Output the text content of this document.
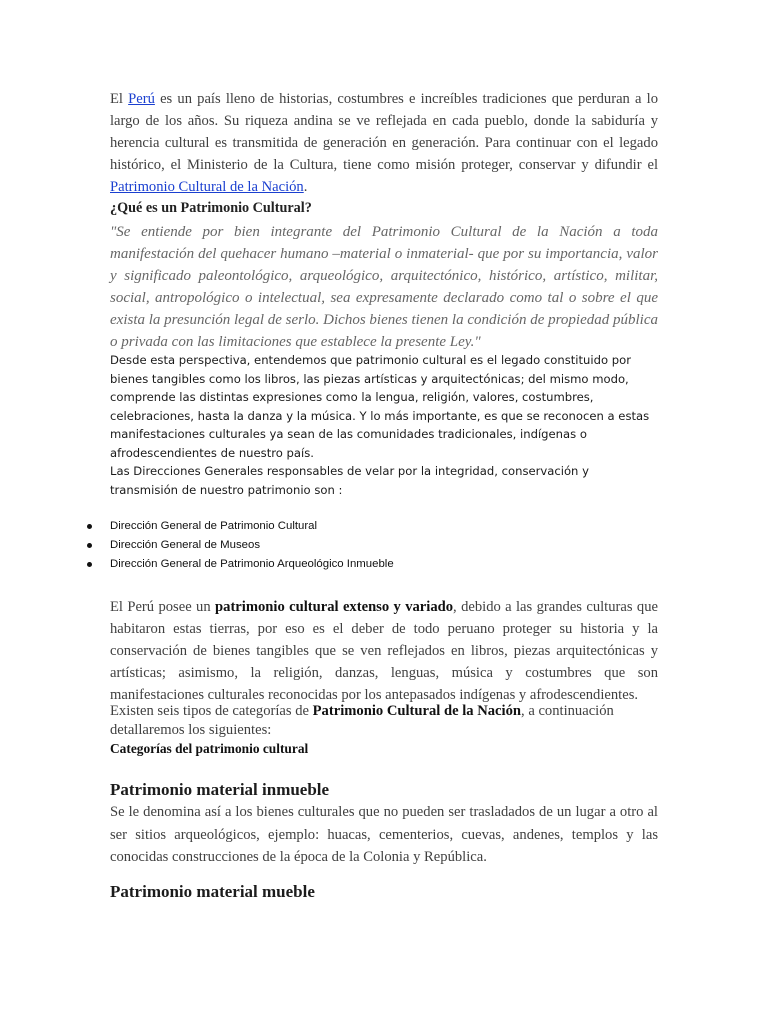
El Perú es un país lleno de historias, costumbres e increíbles tradiciones que perduran a lo largo de los años. Su riqueza andina se ve reflejada en cada pueblo, donde la sabiduría y herencia cultural es transmitida de generación en generación. Para continuar con el legado histórico, el Ministerio de la Cultura, tiene como misión proteger, conservar y difundir el Patrimonio Cultural de la Nación.

¿Qué es un Patrimonio Cultural?

"Se entiende por bien integrante del Patrimonio Cultural de la Nación a toda manifestación del quehacer humano –material o inmaterial- que por su importancia, valor y significado paleontológico, arqueológico, arquitectónico, histórico, artístico, militar, social, antropológico o intelectual, sea expresamente declarado como tal o sobre el que exista la presunción legal de serlo. Dichos bienes tienen la condición de propiedad pública o privada con las limitaciones que establece la presente Ley."

Desde esta perspectiva, entendemos que patrimonio cultural es el legado constituido por bienes tangibles como los libros, las piezas artísticas y arquitectónicas; del mismo modo, comprende las distintas expresiones como la lengua, religión, valores, costumbres, celebraciones, hasta la danza y la música. Y lo más importante, es que se reconocen a estas manifestaciones culturales ya sean de las comunidades tradicionales, indígenas o afrodescendientes de nuestro país.

Las Direcciones Generales responsables de velar por la integridad, conservación y transmisión de nuestro patrimonio son :

Dirección General de Patrimonio Cultural
Dirección General de Museos
Dirección General de Patrimonio Arqueológico Inmueble

El Perú posee un patrimonio cultural extenso y variado, debido a las grandes culturas que habitaron estas tierras, por eso es el deber de todo peruano proteger su historia y la conservación de bienes tangibles que se ven reflejados en libros, piezas arquitectónicas y artísticas; asimismo, la religión, danzas, lenguas, música y costumbres que son manifestaciones culturales reconocidas por los antepasados indígenas y afrodescendientes.

Existen seis tipos de categorías de Patrimonio Cultural de la Nación, a continuación detallaremos los siguientes:

Categorías del patrimonio cultural

Patrimonio material inmueble

Se le denomina así a los bienes culturales que no pueden ser trasladados de un lugar a otro al ser sitios arqueológicos, ejemplo: huacas, cementerios, cuevas, andenes, templos y las conocidas construcciones de la época de la Colonia y República.

Patrimonio material mueble
